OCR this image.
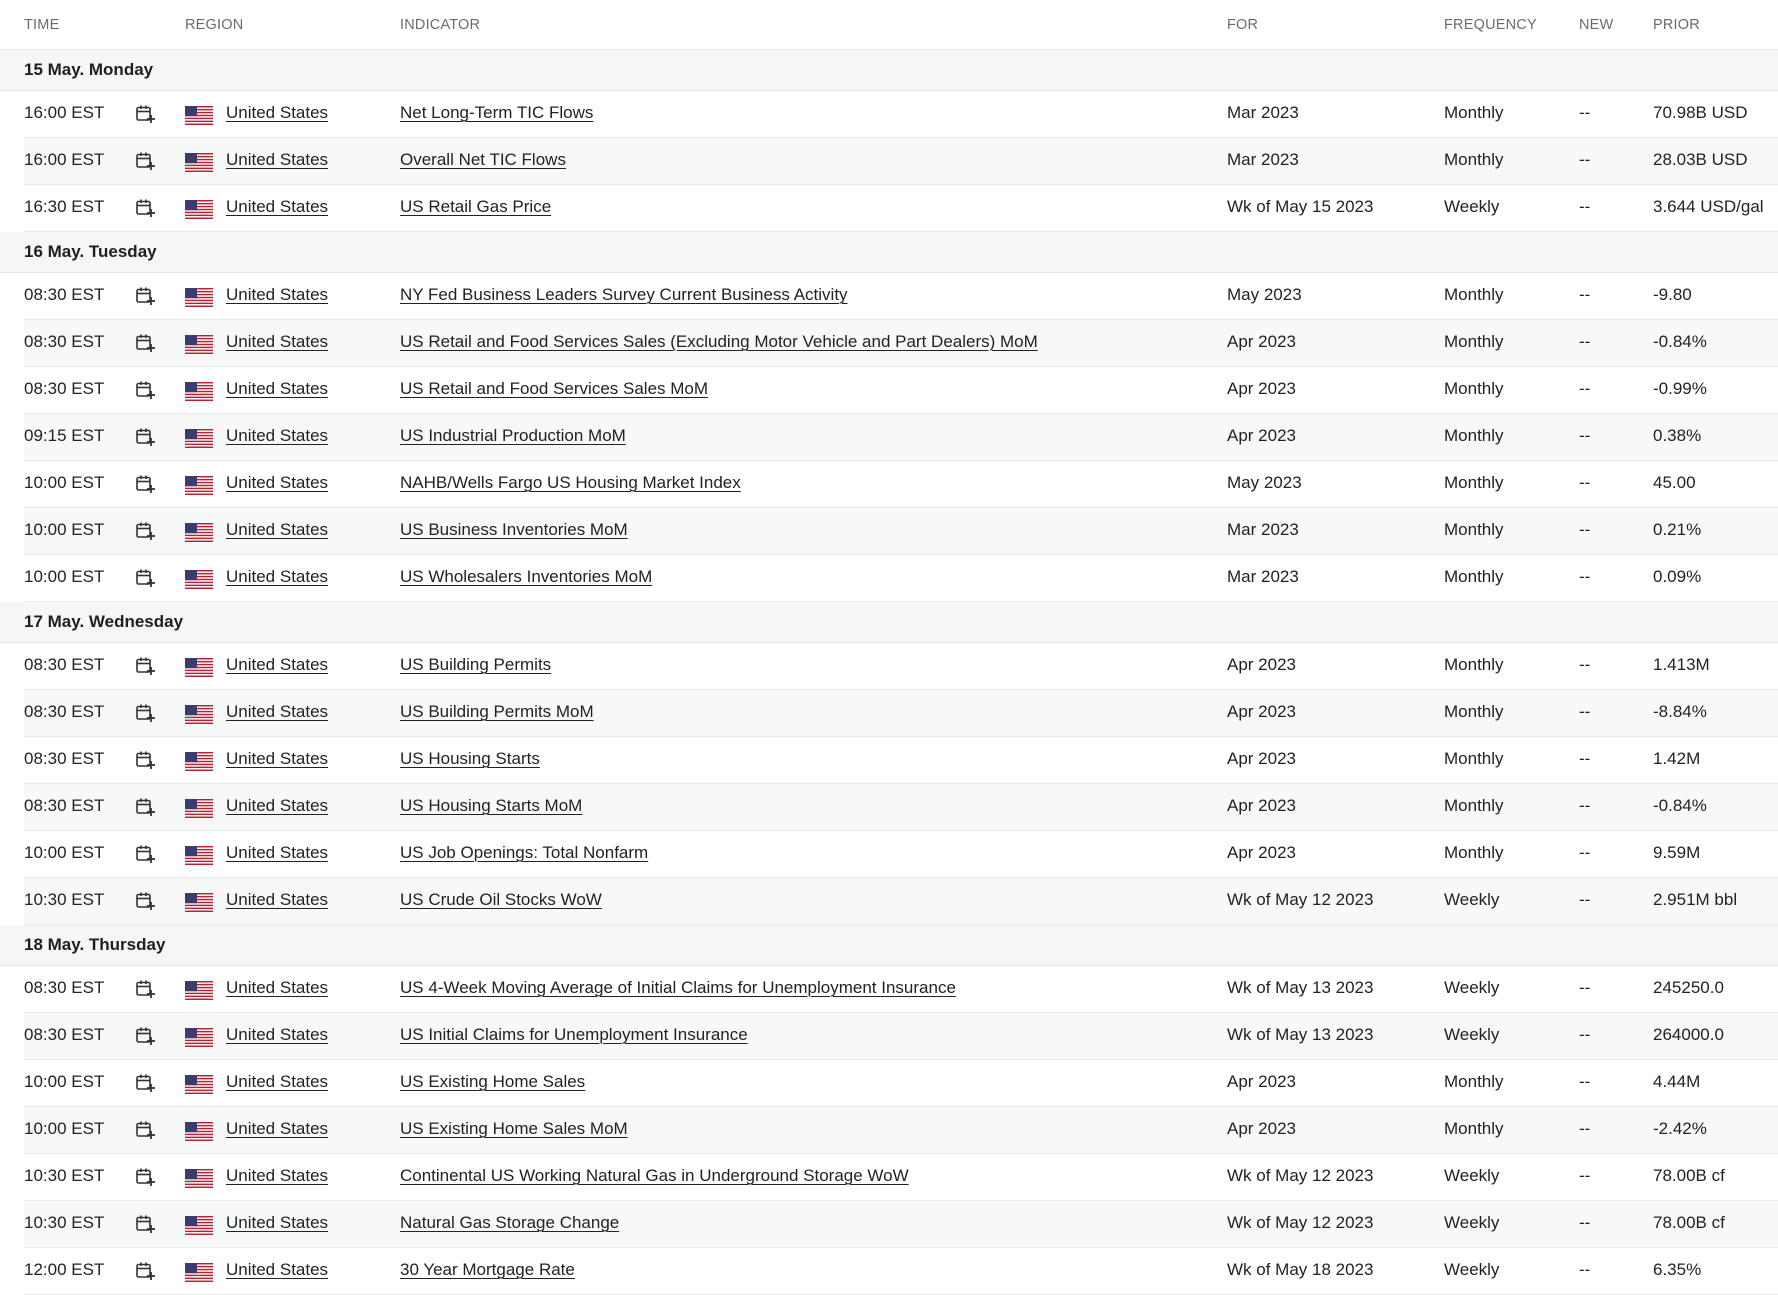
TIME	REGION	INDICATOR	FOR	FREQUENCY	NEW	PRIOR
15 May. Monday
16:00 EST	United States	Net Long-Term TIC Flows	Mar 2023	Monthly	--	70.98B USD
16:00 EST	United States	Overall Net TIC Flows	Mar 2023	Monthly	--	28.03B USD
16:30 EST	United States	US Retail Gas Price	Wk of May 15 2023	Weekly	--	3.644 USD/gal
16 May. Tuesday
08:30 EST	United States	NY Fed Business Leaders Survey Current Business Activity	May 2023	Monthly	--	-9.80
08:30 EST	United States	US Retail and Food Services Sales (Excluding Motor Vehicle and Part Dealers) MoM	Apr 2023	Monthly	--	-0.84%
08:30 EST	United States	US Retail and Food Services Sales MoM	Apr 2023	Monthly	--	-0.99%
09:15 EST	United States	US Industrial Production MoM	Apr 2023	Monthly	--	0.38%
10:00 EST	United States	NAHB/Wells Fargo US Housing Market Index	May 2023	Monthly	--	45.00
10:00 EST	United States	US Business Inventories MoM	Mar 2023	Monthly	--	0.21%
10:00 EST	United States	US Wholesalers Inventories MoM	Mar 2023	Monthly	--	0.09%
17 May. Wednesday
08:30 EST	United States	US Building Permits	Apr 2023	Monthly	--	1.413M
08:30 EST	United States	US Building Permits MoM	Apr 2023	Monthly	--	-8.84%
08:30 EST	United States	US Housing Starts	Apr 2023	Monthly	--	1.42M
08:30 EST	United States	US Housing Starts MoM	Apr 2023	Monthly	--	-0.84%
10:00 EST	United States	US Job Openings: Total Nonfarm	Apr 2023	Monthly	--	9.59M
10:30 EST	United States	US Crude Oil Stocks WoW	Wk of May 12 2023	Weekly	--	2.951M bbl
18 May. Thursday
08:30 EST	United States	US 4-Week Moving Average of Initial Claims for Unemployment Insurance	Wk of May 13 2023	Weekly	--	245250.0
08:30 EST	United States	US Initial Claims for Unemployment Insurance	Wk of May 13 2023	Weekly	--	264000.0
10:00 EST	United States	US Existing Home Sales	Apr 2023	Monthly	--	4.44M
10:00 EST	United States	US Existing Home Sales MoM	Apr 2023	Monthly	--	-2.42%
10:30 EST	United States	Continental US Working Natural Gas in Underground Storage WoW	Wk of May 12 2023	Weekly	--	78.00B cf
10:30 EST	United States	Natural Gas Storage Change	Wk of May 12 2023	Weekly	--	78.00B cf
12:00 EST	United States	30 Year Mortgage Rate	Wk of May 18 2023	Weekly	--	6.35%
